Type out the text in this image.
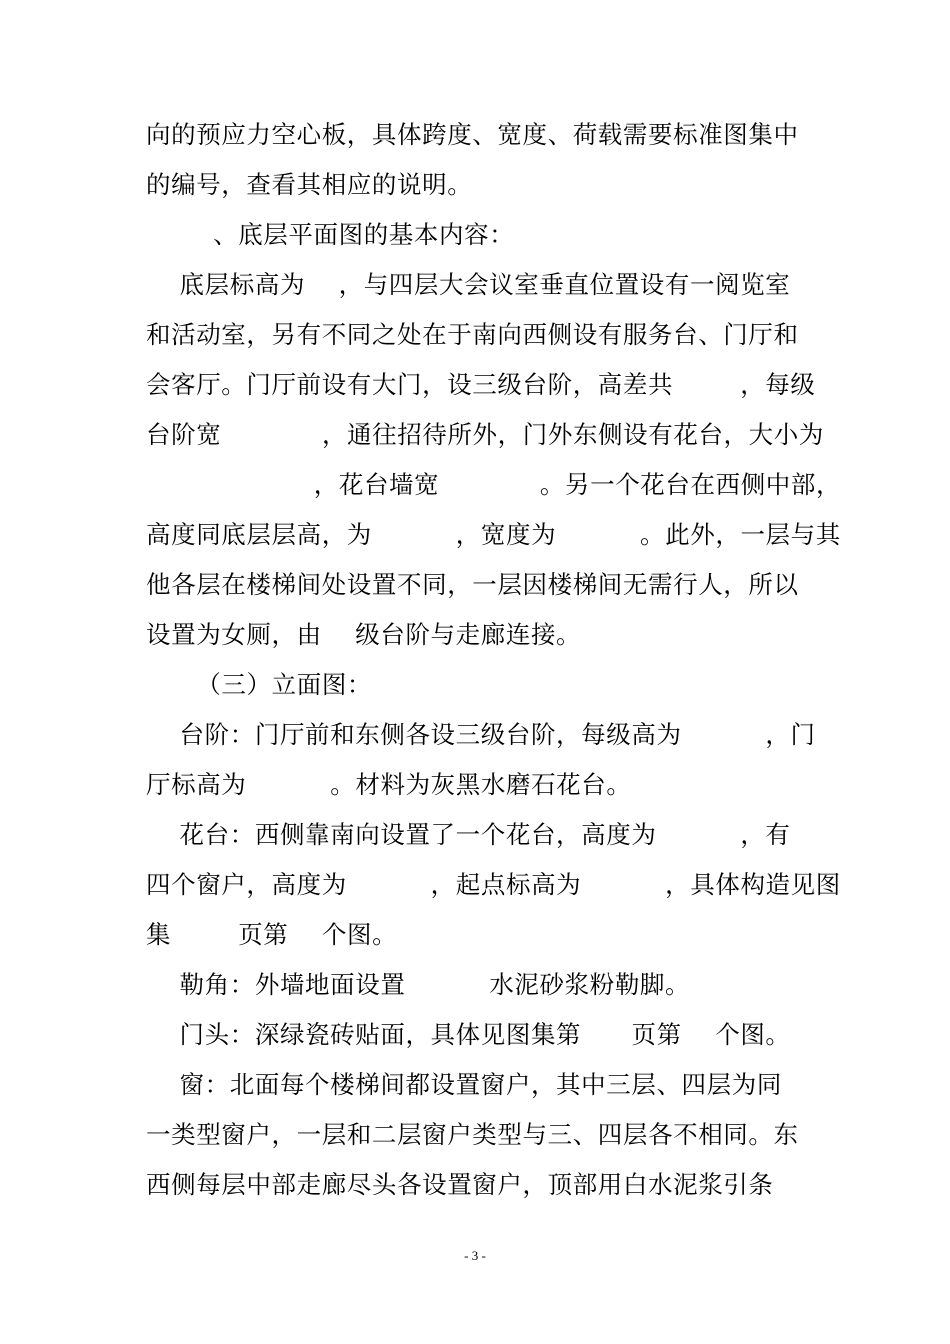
向的预应力空心板，具体跨度、宽度、荷载需要标准图集中
的编号，查看其相应的说明。
、底层平面图的基本内容：
底层标高为    ，与四层大会议室垂直位置设有一阅览室
和活动室，另有不同之处在于南向西侧设有服务台、门厅和
会客厅。门厅前设有大门，设三级台阶，高差共        ，每级
台阶宽            ，通往招待所外，门外东侧设有花台，大小为
，花台墙宽            。另一个花台在西侧中部，
高度同底层层高，为          ，宽度为          。此外，一层与其
他各层在楼梯间处设置不同，一层因楼梯间无需行人，所以
设置为女厕，由    级台阶与走廊连接。
（三）立面图：
台阶：门厅前和东侧各设三级台阶，每级高为          ，门
厅标高为          。材料为灰黑水磨石花台。
花台：西侧靠南向设置了一个花台，高度为          ，有
四个窗户，高度为          ，起点标高为          ，具体构造见图
集        页第    个图。
勒角：外墙地面设置          水泥砂浆粉勒脚。
门头：深绿瓷砖贴面，具体见图集第      页第    个图。
窗：北面每个楼梯间都设置窗户，其中三层、四层为同
一类型窗户，一层和二层窗户类型与三、四层各不相同。东
西侧每层中部走廊尽头各设置窗户，顶部用白水泥浆引条
- 3 -
